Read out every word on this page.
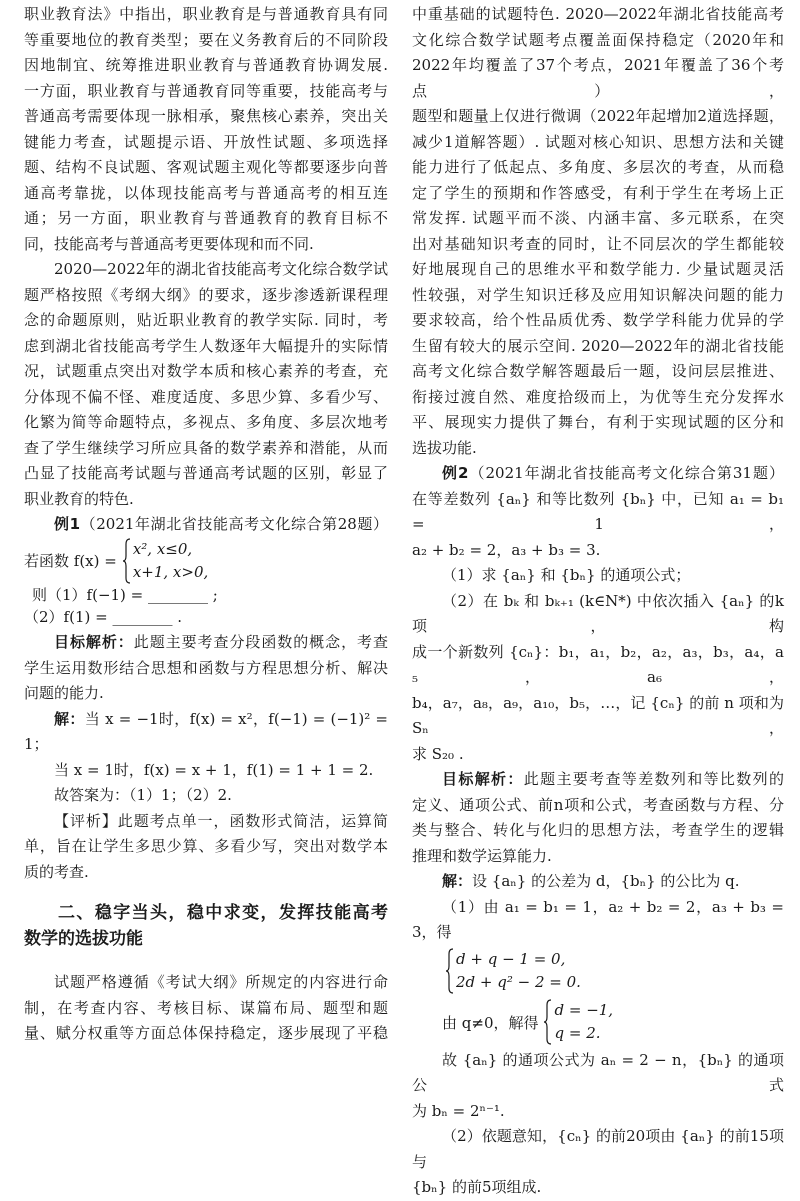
职业教育法》中指出，职业教育是与普通教育具有同
等重要地位的教育类型；要在义务教育后的不同阶段
因地制宜、统筹推进职业教育与普通教育协调发展.
一方面，职业教育与普通教育同等重要，技能高考与
普通高考需要体现一脉相承，聚焦核心素养，突出关
键能力考查，试题提示语、开放性试题、多项选择
题、结构不良试题、客观试题主观化等都要逐步向普
通高考靠拢，以体现技能高考与普通高考的相互连
通；另一方面，职业教育与普通教育的教育目标不
同，技能高考与普通高考更要体现和而不同.
2020—2022年的湖北省技能高考文化综合数学试
题严格按照《考纲大纲》的要求，逐步渗透新课程理
念的命题原则，贴近职业教育的教学实际. 同时，考
虑到湖北省技能高考学生人数逐年大幅提升的实际情
况，试题重点突出对数学本质和核心素养的考查，充
分体现不偏不怪、难度适度、多思少算、多看少写、
化繁为简等命题特点，多视点、多角度、多层次地考
查了学生继续学习所应具备的数学素养和潜能，从而
凸显了技能高考试题与普通高考试题的区别，彰显了
职业教育的特色.
例1（2021年湖北省技能高考文化综合第28题）
若函数 f(x) =
x², x≤0,
x+1, x>0,
则（1）f(−1) = ________ ;
（2）f(1) = ________ .
目标解析：此题主要考查分段函数的概念，考查
学生运用数形结合思想和函数与方程思想分析、解决
问题的能力.
解：当 x = −1时，f(x) = x²，f(−1) = (−1)² = 1；
当 x = 1时，f(x) = x + 1，f(1) = 1 + 1 = 2.
故答案为：（1）1；（2）2.
【评析】此题考点单一，函数形式简洁，运算简
单，旨在让学生多思少算、多看少写，突出对数学本
质的考查.
二、稳字当头，稳中求变，发挥技能高考
数学的选拔功能
试题严格遵循《考试大纲》所规定的内容进行命
制，在考查内容、考核目标、谋篇布局、题型和题
量、赋分权重等方面总体保持稳定，逐步展现了平稳
中重基础的试题特色. 2020—2022年湖北省技能高考
文化综合数学试题考点覆盖面保持稳定（2020年和
2022年均覆盖了37个考点，2021年覆盖了36个考点），
题型和题量上仅进行微调（2022年起增加2道选择题，
减少1道解答题）. 试题对核心知识、思想方法和关键
能力进行了低起点、多角度、多层次的考查，从而稳
定了学生的预期和作答感受，有利于学生在考场上正
常发挥. 试题平而不淡、内涵丰富、多元联系，在突
出对基础知识考查的同时，让不同层次的学生都能较
好地展现自己的思维水平和数学能力. 少量试题灵活
性较强，对学生知识迁移及应用知识解决问题的能力
要求较高，给个性品质优秀、数学学科能力优异的学
生留有较大的展示空间. 2020—2022年的湖北省技能
高考文化综合数学解答题最后一题，设问层层推进、
衔接过渡自然、难度拾级而上，为优等生充分发挥水
平、展现实力提供了舞台，有利于实现试题的区分和
选拔功能.
例2（2021年湖北省技能高考文化综合第31题）
在等差数列 {aₙ} 和等比数列 {bₙ} 中，已知 a₁ = b₁ = 1，
a₂ + b₂ = 2，a₃ + b₃ = 3.
（1）求 {aₙ} 和 {bₙ} 的通项公式；
（2）在 bₖ 和 bₖ₊₁ (k∈N*) 中依次插入 {aₙ} 的k项，构
成一个新数列 {cₙ}：b₁，a₁，b₂，a₂，a₃，b₃，a₄，a₅，a₆，
b₄，a₇，a₈，a₉，a₁₀，b₅，…，记 {cₙ} 的前 n 项和为 Sₙ，
求 S₂₀ .
目标解析：此题主要考查等差数列和等比数列的
定义、通项公式、前n项和公式，考查函数与方程、分
类与整合、转化与化归的思想方法，考查学生的逻辑
推理和数学运算能力.
解：设 {aₙ} 的公差为 d，{bₙ} 的公比为 q.
（1）由 a₁ = b₁ = 1，a₂ + b₂ = 2，a₃ + b₃ = 3，得
d + q − 1 = 0,
2d + q² − 2 = 0.
由 q≠0，解得
d = −1,
q = 2.
故 {aₙ} 的通项公式为 aₙ = 2 − n，{bₙ} 的通项公式
为 bₙ = 2ⁿ⁻¹.
（2）依题意知，{cₙ} 的前20项由 {aₙ} 的前15项与
{bₙ} 的前5项组成.
